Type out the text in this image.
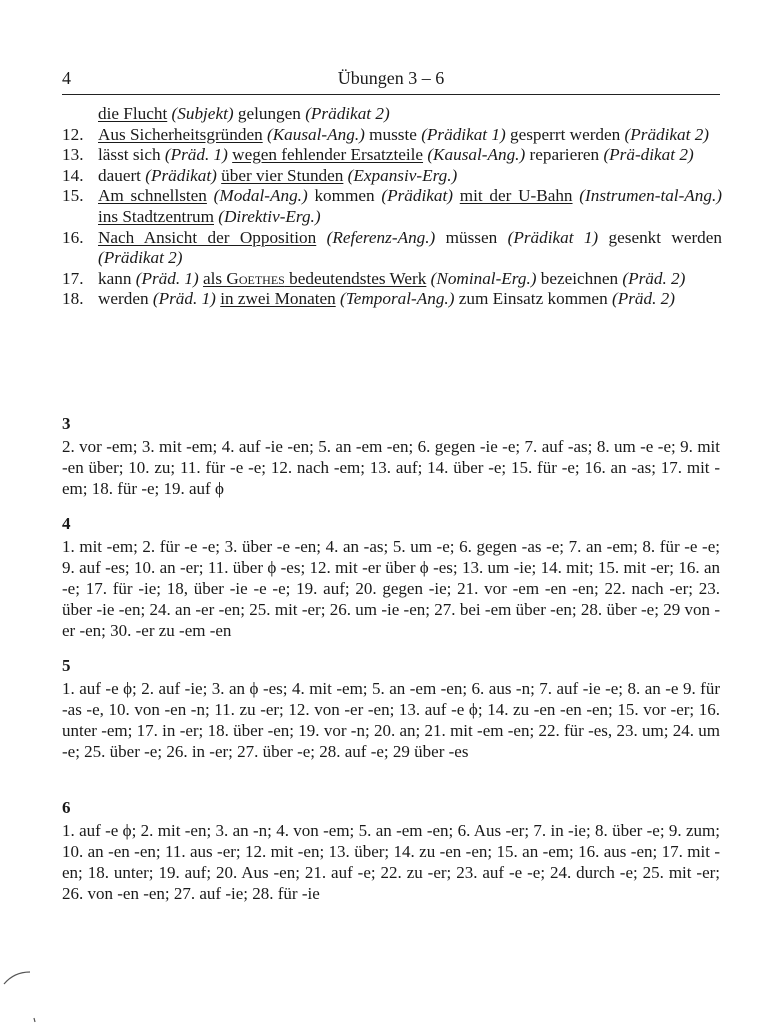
4	Übungen 3 – 6
die Flucht (Subjekt) gelungen (Prädikat 2)
12. Aus Sicherheitsgründen (Kausal-Ang.) musste (Prädikat 1) gesperrt werden (Prädikat 2)
13. lässt sich (Präd. 1) wegen fehlender Ersatzteile (Kausal-Ang.) reparieren (Prä-dikat 2)
14. dauert (Prädikat) über vier Stunden (Expansiv-Erg.)
15. Am schnellsten (Modal-Ang.) kommen (Prädikat) mit der U-Bahn (Instrumen-tal-Ang.) ins Stadtzentrum (Direktiv-Erg.)
16. Nach Ansicht der Opposition (Referenz-Ang.) müssen (Prädikat 1) gesenkt werden (Prädikat 2)
17. kann (Präd. 1) als Goethes bedeutendstes Werk (Nominal-Erg.) bezeichnen (Präd. 2)
18. werden (Präd. 1) in zwei Monaten (Temporal-Ang.) zum Einsatz kommen (Präd. 2)
3
2. vor -em; 3. mit -em; 4. auf -ie -en; 5. an -em -en; 6. gegen -ie -e; 7. auf -as; 8. um -e -e; 9. mit -en über; 10. zu; 11. für -e -e; 12. nach -em; 13. auf; 14. über -e; 15. für -e; 16. an -as; 17. mit -em; 18. für -e; 19. auf ϕ
4
1. mit -em; 2. für -e -e; 3. über -e -en; 4. an -as; 5. um -e; 6. gegen -as -e; 7. an -em; 8. für -e -e; 9. auf -es; 10. an -er; 11. über ϕ -es; 12. mit -er über ϕ -es; 13. um -ie; 14. mit; 15. mit -er; 16. an -e; 17. für -ie; 18, über -ie -e -e; 19. auf; 20. gegen -ie; 21. vor -em -en -en; 22. nach -er; 23. über -ie -en; 24. an -er -en; 25. mit -er; 26. um -ie -en; 27. bei -em über -en; 28. über -e; 29 von -er -en; 30. -er zu -em -en
5
1. auf -e ϕ; 2. auf -ie; 3. an ϕ -es; 4. mit -em; 5. an -em -en; 6. aus -n; 7. auf -ie -e; 8. an -e 9. für -as -e, 10. von -en -n; 11. zu -er; 12. von -er -en; 13. auf -e ϕ; 14. zu -en -en -en; 15. vor -er; 16. unter -em; 17. in -er; 18. über -en; 19. vor -n; 20. an; 21. mit -em -en; 22. für -es, 23. um; 24. um -e; 25. über -e; 26. in -er; 27. über -e; 28. auf -e; 29 über -es
6
1. auf -e ϕ; 2. mit -en; 3. an -n; 4. von -em; 5. an -em -en; 6. Aus -er; 7. in -ie; 8. über -e; 9. zum; 10. an -en -en; 11. aus -er; 12. mit -en; 13. über; 14. zu -en -en; 15. an -em; 16. aus -en; 17. mit -en; 18. unter; 19. auf; 20. Aus -en; 21. auf -e; 22. zu -er; 23. auf -e -e; 24. durch -e; 25. mit -er; 26. von -en -en; 27. auf -ie; 28. für -ie
